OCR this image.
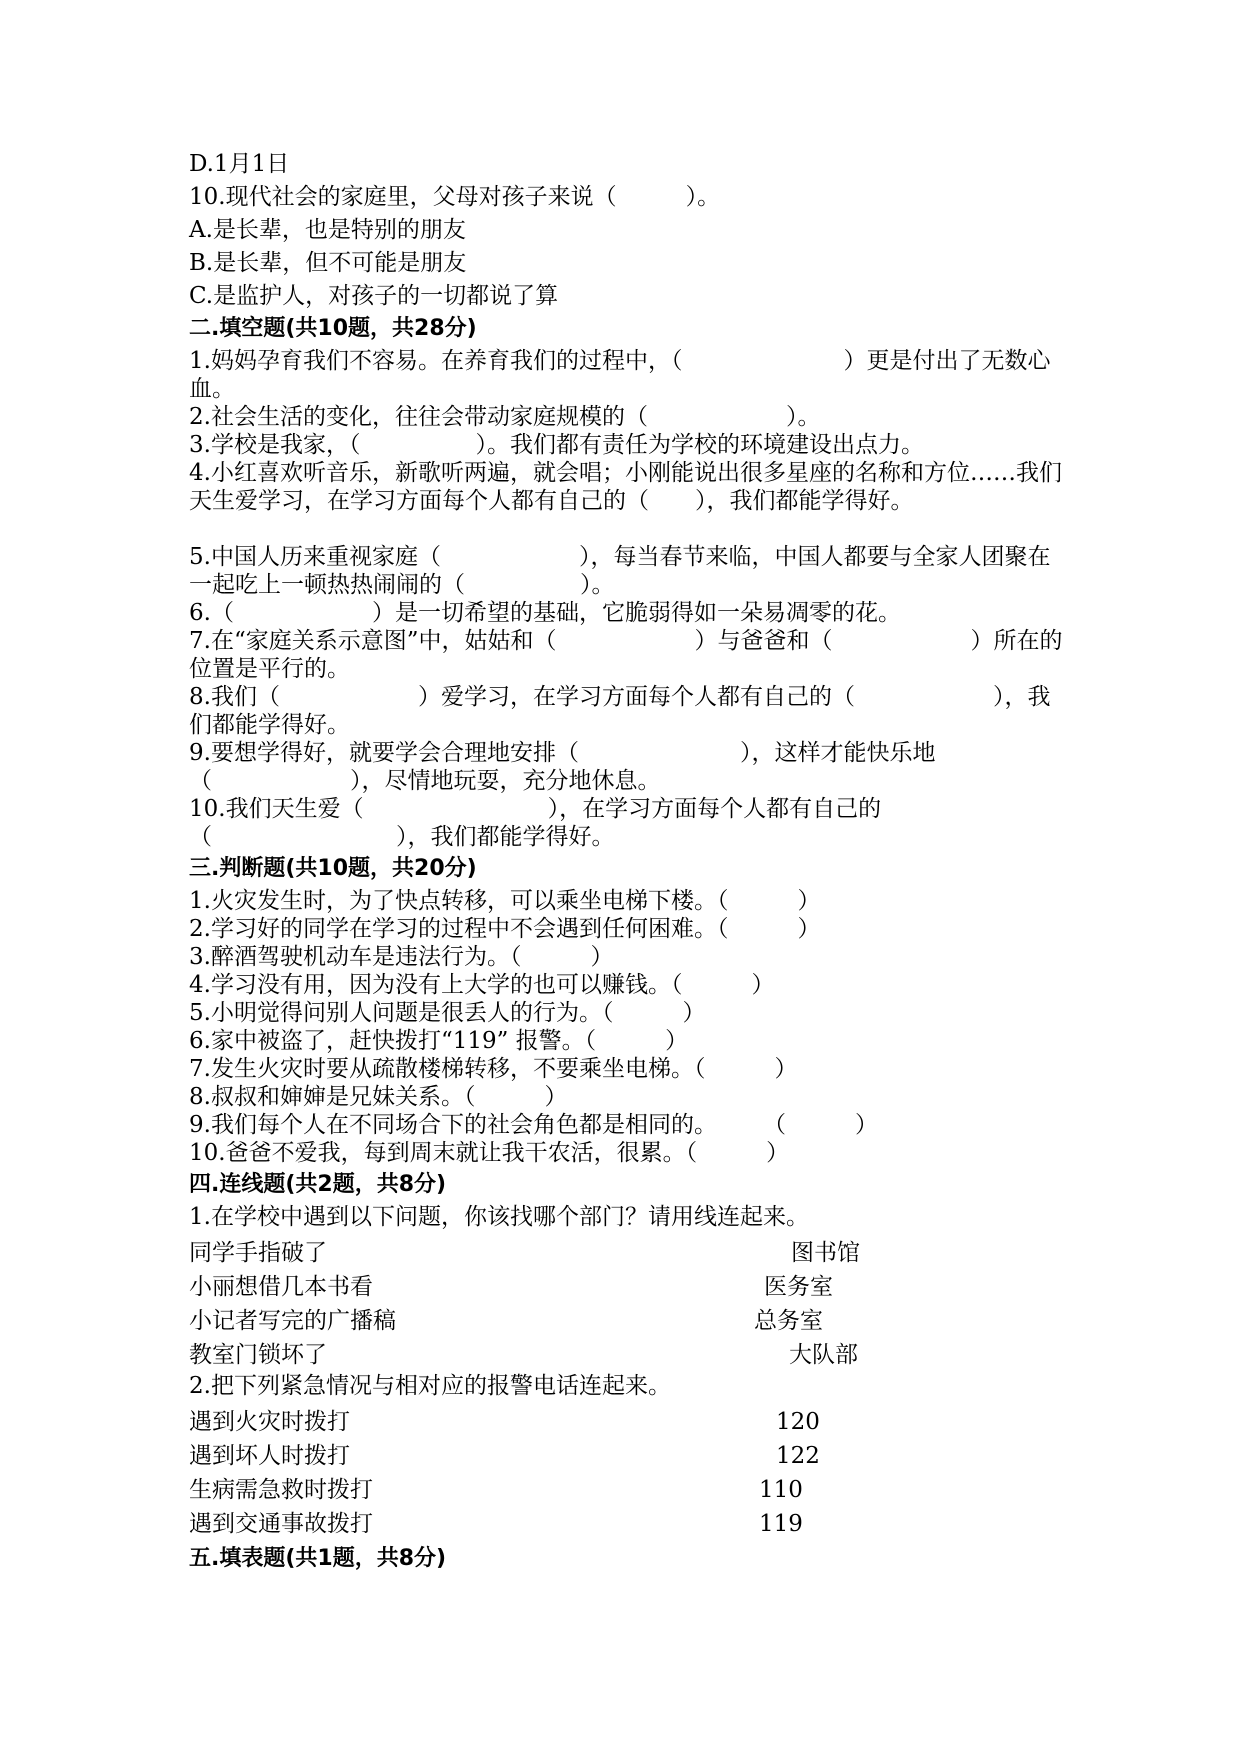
D.1月1日

10.现代社会的家庭里，父母对孩子来说（　　　）。

A.是长辈，也是特别的朋友

B.是长辈，但不可能是朋友

C.是监护人，对孩子的一切都说了算

二.填空题(共10题，共28分)

1.妈妈孕育我们不容易。在养育我们的过程中，（　　　　　　　）更是付出了无数心血。

2.社会生活的变化，往往会带动家庭规模的（　　　　　　）。

3.学校是我家，（　　　　　）。我们都有责任为学校的环境建设出点力。

4.小红喜欢听音乐，新歌听两遍，就会唱；小刚能说出很多星座的名称和方位……我们天生爱学习，在学习方面每个人都有自己的（　　），我们都能学得好。

5.中国人历来重视家庭（　　　　　　），每当春节来临，中国人都要与全家人团聚在一起吃上一顿热热闹闹的（　　　　　）。

6.（　　　　　　）是一切希望的基础，它脆弱得如一朵易凋零的花。

7.在“家庭关系示意图”中，姑姑和（　　　　　　）与爸爸和（　　　　　　）所在的位置是平行的。

8.我们（　　　　　　）爱学习，在学习方面每个人都有自己的（　　　　　　），我们都能学得好。

9.要想学得好，就要学会合理地安排（　　　　　　　），这样才能快乐地（　　　　　　），尽情地玩耍，充分地休息。

10.我们天生爱（　　　　　　　　），在学习方面每个人都有自己的（　　　　　　　　），我们都能学得好。

三.判断题(共10题，共20分)

1.火灾发生时，为了快点转移，可以乘坐电梯下楼。（　　　）

2.学习好的同学在学习的过程中不会遇到任何困难。（　　　）

3.醉酒驾驶机动车是违法行为。（　　　）

4.学习没有用，因为没有上大学的也可以赚钱。（　　　）

5.小明觉得问别人问题是很丢人的行为。（　　　）

6.家中被盗了，赶快拨打“119” 报警。（　　　）

7.发生火灾时要从疏散楼梯转移，不要乘坐电梯。（　　　）

8.叔叔和婶婶是兄妹关系。（　　　）

9.我们每个人在不同场合下的社会角色都是相同的。　　　（　　　）

10.爸爸不爱我，每到周末就让我干农活，很累。（　　　）

四.连线题(共2题，共8分)

1.在学校中遇到以下问题，你该找哪个部门？请用线连起来。

同学手指破了	图书馆
小丽想借几本书看	医务室
小记者写完的广播稿	总务室
教室门锁坏了	大队部

2.把下列紧急情况与相对应的报警电话连起来。

遇到火灾时拨打	120
遇到坏人时拨打	122
生病需急救时拨打	110
遇到交通事故拨打	119
五.填表题(共1题，共8分)
